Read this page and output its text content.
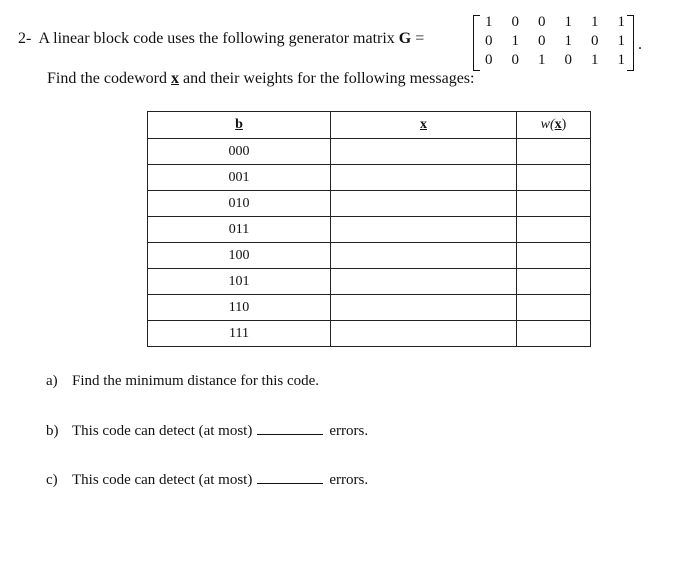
2- A linear block code uses the following generator matrix G =
1 0 0 1 1 1
0 1 0 1 0 1
0 0 1 0 1 1
.
Find the codeword x and their weights for the following messages:
b	x	w(x)
000		
001		
010		
011		
100		
101		
110		
111		
a) Find the minimum distance for this code.
b) This code can detect (at most)	errors.
c) This code can detect (at most)	errors.
